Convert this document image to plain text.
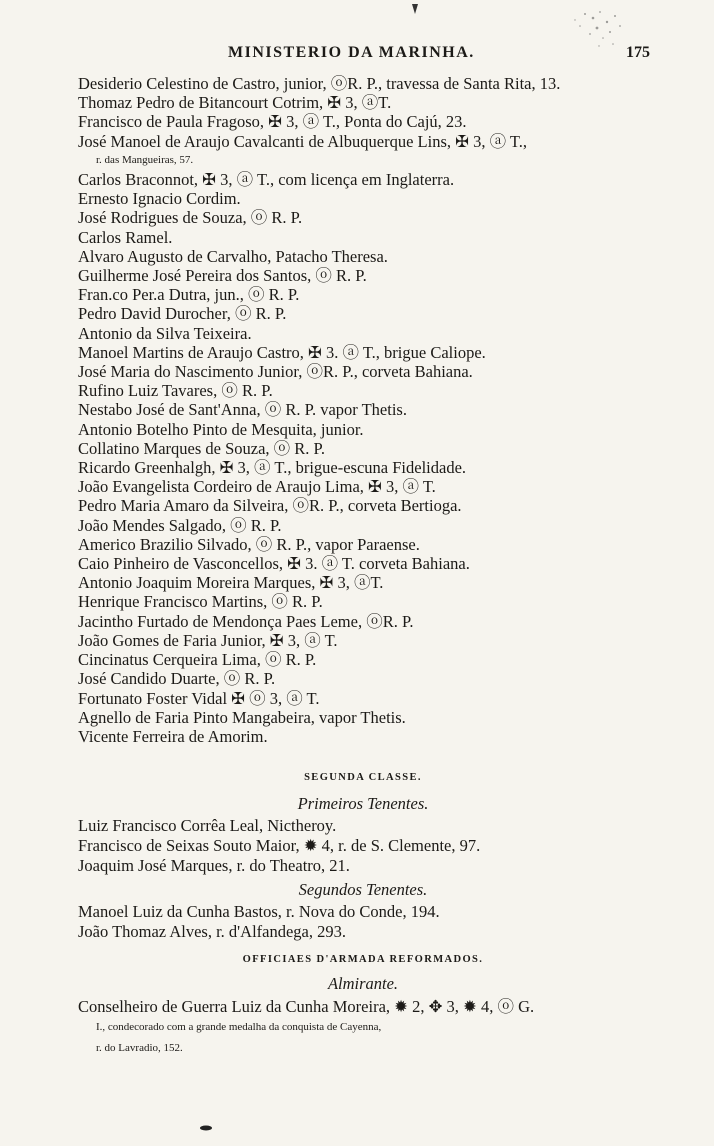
MINISTERIO DA MARINHA.	175
Desiderio Celestino de Castro, junior, ⓞR. P., travessa de Santa Rita, 13.
Thomaz Pedro de Bitancourt Cotrim, ✠ 3, ⓐT.
Francisco de Paula Fragoso, ✠ 3, ⓐ T., Ponta do Cajú, 23.
José Manoel de Araujo Cavalcanti de Albuquerque Lins, ✠ 3, ⓐ T.,
r. das Mangueiras, 57.
Carlos Braconnot, ✠ 3, ⓐ T., com licença em Inglaterra.
Ernesto Ignacio Cordim.
José Rodrigues de Souza, ⓞ R. P.
Carlos Ramel.
Alvaro Augusto de Carvalho, Patacho Theresa.
Guilherme José Pereira dos Santos, ⓞ R. P.
Fran.co Per.a Dutra, jun., ⓞ R. P.
Pedro David Durocher, ⓞ R. P.
Antonio da Silva Teixeira.
Manoel Martins de Araujo Castro, ✠ 3. ⓐ T., brigue Caliope.
José Maria do Nascimento Junior, ⓞR. P., corveta Bahiana.
Rufino Luiz Tavares, ⓞ R. P.
Nestabo José de Sant'Anna, ⓞ R. P. vapor Thetis.
Antonio Botelho Pinto de Mesquita, junior.
Collatino Marques de Souza, ⓞ R. P.
Ricardo Greenhalgh, ✠ 3, ⓐ T., brigue-escuna Fidelidade.
João Evangelista Cordeiro de Araujo Lima, ✠ 3, ⓐ T.
Pedro Maria Amaro da Silveira, ⓞR. P., corveta Bertioga.
João Mendes Salgado, ⓞ R. P.
Americo Brazilio Silvado, ⓞ R. P., vapor Paraense.
Caio Pinheiro de Vasconcellos, ✠ 3. ⓐ T. corveta Bahiana.
Antonio Joaquim Moreira Marques, ✠ 3, ⓐT.
Henrique Francisco Martins, ⓞ R. P.
Jacintho Furtado de Mendonça Paes Leme, ⓞR. P.
João Gomes de Faria Junior, ✠ 3, ⓐ T.
Cincinatus Cerqueira Lima, ⓞ R. P.
José Candido Duarte, ⓞ R. P.
Fortunato Foster Vidal ✠ ⓞ 3, ⓐ T.
Agnello de Faria Pinto Mangabeira, vapor Thetis.
Vicente Ferreira de Amorim.
SEGUNDA CLASSE.
Primeiros Tenentes.
Luiz Francisco Corrêa Leal, Nictheroy.
Francisco de Seixas Souto Maior, ✹ 4, r. de S. Clemente, 97.
Joaquim José Marques, r. do Theatro, 21.
Segundos Tenentes.
Manoel Luiz da Cunha Bastos, r. Nova do Conde, 194.
João Thomaz Alves, r. d'Alfandega, 293.
OFFICIAES D'ARMADA REFORMADOS.
Almirante.
Conselheiro de Guerra Luiz da Cunha Moreira, ✹ 2, ✥ 3, ✹ 4, ⓞ G.
I., condecorado com a grande medalha da conquista de Cayenna,
r. do Lavradio, 152.
